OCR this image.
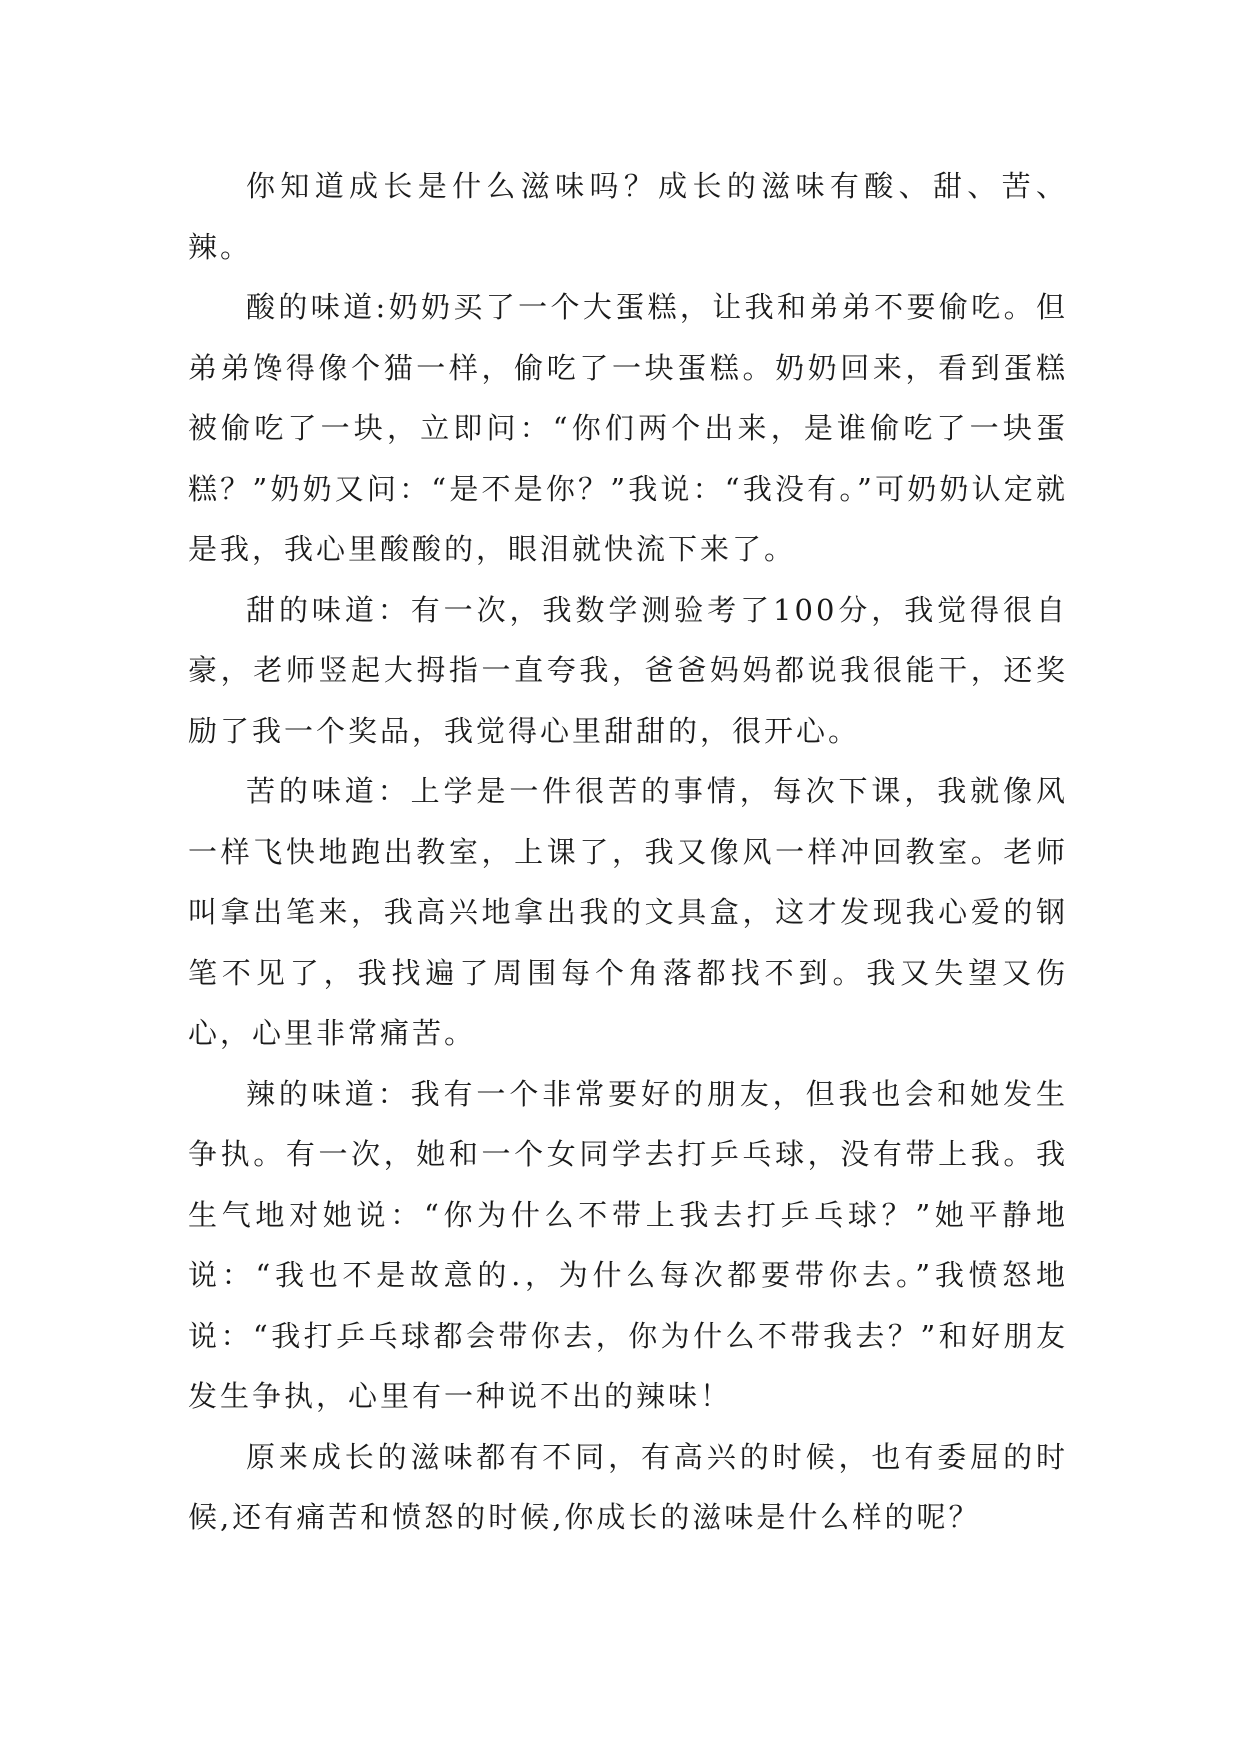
你知道成长是什么滋味吗？成长的滋味有酸、甜、苦、辣。

酸的味道:奶奶买了一个大蛋糕，让我和弟弟不要偷吃。但弟弟馋得像个猫一样，偷吃了一块蛋糕。奶奶回来，看到蛋糕被偷吃了一块，立即问：“你们两个出来，是谁偷吃了一块蛋糕？”奶奶又问：“是不是你？”我说：“我没有。”可奶奶认定就是我，我心里酸酸的，眼泪就快流下来了。

甜的味道：有一次，我数学测验考了100分，我觉得很自豪，老师竖起大拇指一直夸我，爸爸妈妈都说我很能干，还奖励了我一个奖品，我觉得心里甜甜的，很开心。

苦的味道：上学是一件很苦的事情，每次下课，我就像风一样飞快地跑出教室，上课了，我又像风一样冲回教室。老师叫拿出笔来，我高兴地拿出我的文具盒，这才发现我心爱的钢笔不见了，我找遍了周围每个角落都找不到。我又失望又伤心，心里非常痛苦。

辣的味道：我有一个非常要好的朋友，但我也会和她发生争执。有一次，她和一个女同学去打乒乓球，没有带上我。我生气地对她说：“你为什么不带上我去打乒乓球？”她平静地说：“我也不是故意的.，为什么每次都要带你去。”我愤怒地说：“我打乒乓球都会带你去，你为什么不带我去？”和好朋友发生争执，心里有一种说不出的辣味！

原来成长的滋味都有不同，有高兴的时候，也有委屈的时候,还有痛苦和愤怒的时候,你成长的滋味是什么样的呢？
